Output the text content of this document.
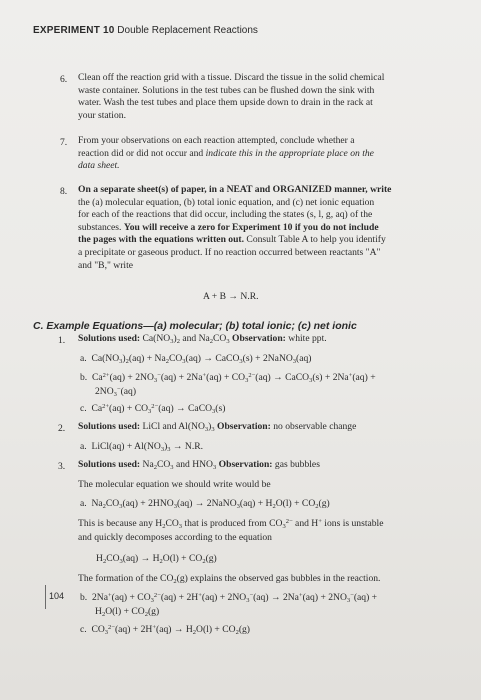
EXPERIMENT 10 Double Replacement Reactions
6. Clean off the reaction grid with a tissue. Discard the tissue in the solid chemical
waste container. Solutions in the test tubes can be flushed down the sink with
water. Wash the test tubes and place them upside down to drain in the rack at
your station.
7. From your observations on each reaction attempted, conclude whether a
reaction did or did not occur and indicate this in the appropriate place on the
data sheet.
8. On a separate sheet(s) of paper, in a NEAT and ORGANIZED manner, write
the (a) molecular equation, (b) total ionic equation, and (c) net ionic equation
for each of the reactions that did occur, including the states (s, l, g, aq) of the
substances. You will receive a zero for Experiment 10 if you do not include
the pages with the equations written out. Consult Table A to help you identify
a precipitate or gaseous product. If no reaction occurred between reactants "A"
and "B," write
A + B → N.R.
C. Example Equations—(a) molecular; (b) total ionic; (c) net ionic
1. Solutions used: $Ca(NO_3)_2$ and $Na_2CO_3$ Observation: white ppt.
a.  $Ca(NO_3)_2(aq) + Na_2CO_3(aq)$ → CaCO$_3$(s) + 2NaNO$_3$(aq)
b.  $Ca^{2+}(aq) + 2NO_3^-(aq) + 2Na^+(aq) + CO_3^{2-}(aq)$ → CaCO$_3$(s) + 2Na+(aq) +
$2NO_3^-(aq)$
c.  $Ca^{2+}(aq) + CO_3^{2-}(aq)$ → CaCO$_3$(s)
2. Solutions used: LiCl and $Al(NO_3)_3$ Observation: no observable change
a.  LiCl(aq) + $Al(NO_3)_3 \to N.R$.
3. Solutions used: $Na_2CO_3$ and $HNO_3$ Observation: gas bubbles
The molecular equation we should write would be
a.  $Na_2CO_3(aq) + 2HNO_3(aq)$ → 2NaNO$_3$(aq) + $H_2O(l) + CO_2(g)$
This is because any $H_2CO_3$ that is produced from $CO_3^{2-}$ and H+ ions is unstable
and quickly decomposes according to the equation
$H_2CO_3(aq) \to H_2O(l) + CO_2(g)$
The formation of the $CO_2(g)$ explains the observed gas bubbles in the reaction.
b.  $2Na^+(aq) + CO_3^{2-}(aq) + 2H^+(aq) + 2NO_3^-(aq) \to 2Na^+(aq) + 2NO_3^-(aq)$ +
$H_2O(l) + CO_2(g)$
c.  $CO_3^{2-}(aq) + 2H^+(aq) \to H_2O(l) + CO_2(g)$
104
